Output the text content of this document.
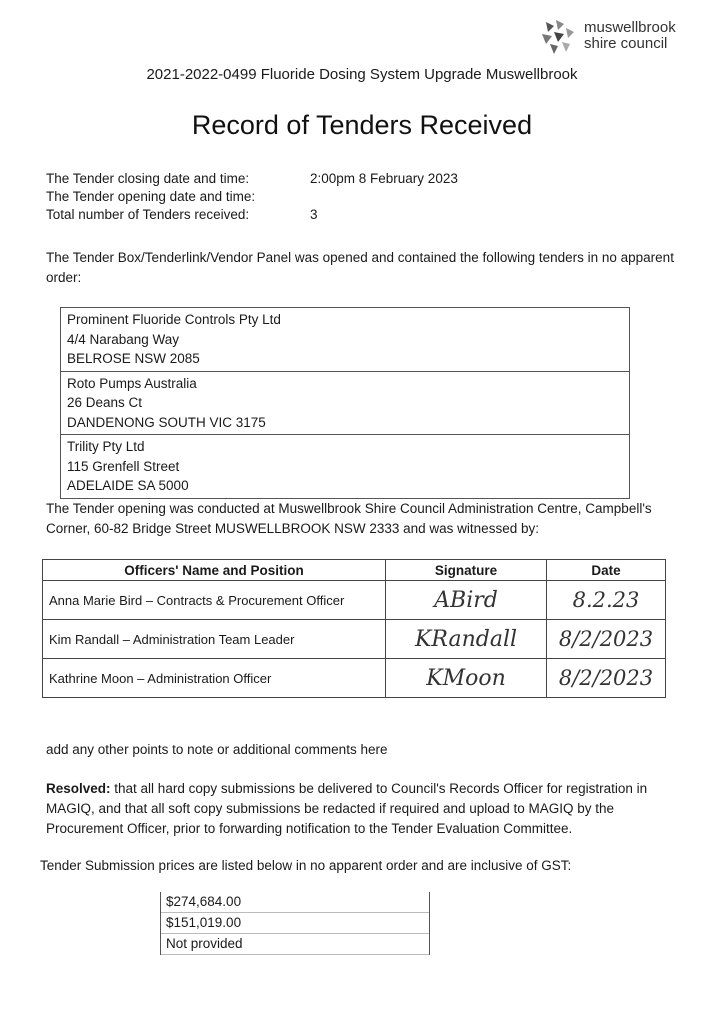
muswellbrook
shire council
2021-2022-0499 Fluoride Dosing System Upgrade Muswellbrook
Record of Tenders Received
The Tender closing date and time:	2:00pm 8 February 2023
The Tender opening date and time:
Total number of Tenders received:	3
The Tender Box/Tenderlink/Vendor Panel was opened and contained the following tenders in no apparent order:
Prominent Fluoride Controls Pty Ltd
4/4 Narabang Way
BELROSE NSW 2085
Roto Pumps Australia
26 Deans Ct
DANDENONG SOUTH VIC 3175
Trility Pty Ltd
115 Grenfell Street
ADELAIDE SA 5000
The Tender opening was conducted at Muswellbrook Shire Council Administration Centre, Campbell's Corner, 60-82 Bridge Street MUSWELLBROOK NSW 2333 and was witnessed by:
Officers' Name and Position	Signature	Date
Anna Marie Bird – Contracts & Procurement Officer	ABird	8.2.23
Kim Randall – Administration Team Leader	KRandall	8/2/2023
Kathrine Moon – Administration Officer	KMoon	8/2/2023
add any other points to note or additional comments here
Resolved: that all hard copy submissions be delivered to Council's Records Officer for registration in MAGIQ, and that all soft copy submissions be redacted if required and upload to MAGIQ by the Procurement Officer, prior to forwarding notification to the Tender Evaluation Committee.
Tender Submission prices are listed below in no apparent order and are inclusive of GST:
$274,684.00
$151,019.00
Not provided
